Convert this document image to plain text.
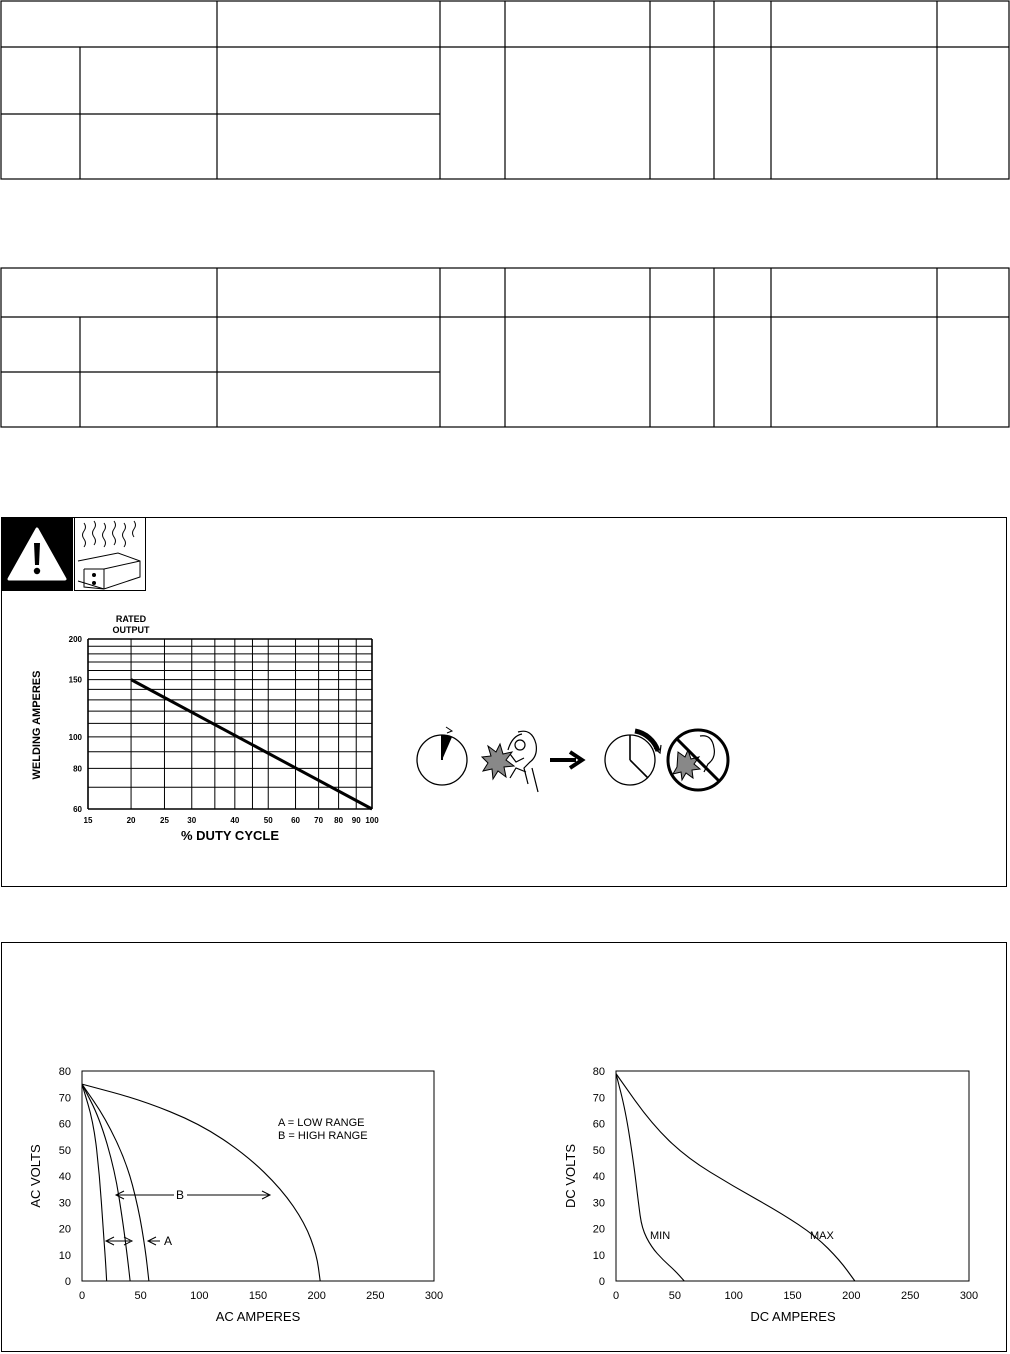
RATED
OUTPUT
WELDING AMPERES
% DUTY CYCLE
15	20	25 30	40	50 60 70 80 90 100
200
150
100
80
60
0	50	100	150	200	250	300
0
10
20
30
40
50
60
70
80
A = LOW RANGE
B = HIGH RANGE
B
A
AC AMPERES
AC VOLTS
0	50	100	150	200	250	300
0
10
20
30
40
50
60
70
80
MIN	MAX
DC AMPERES
DC VOLTS
